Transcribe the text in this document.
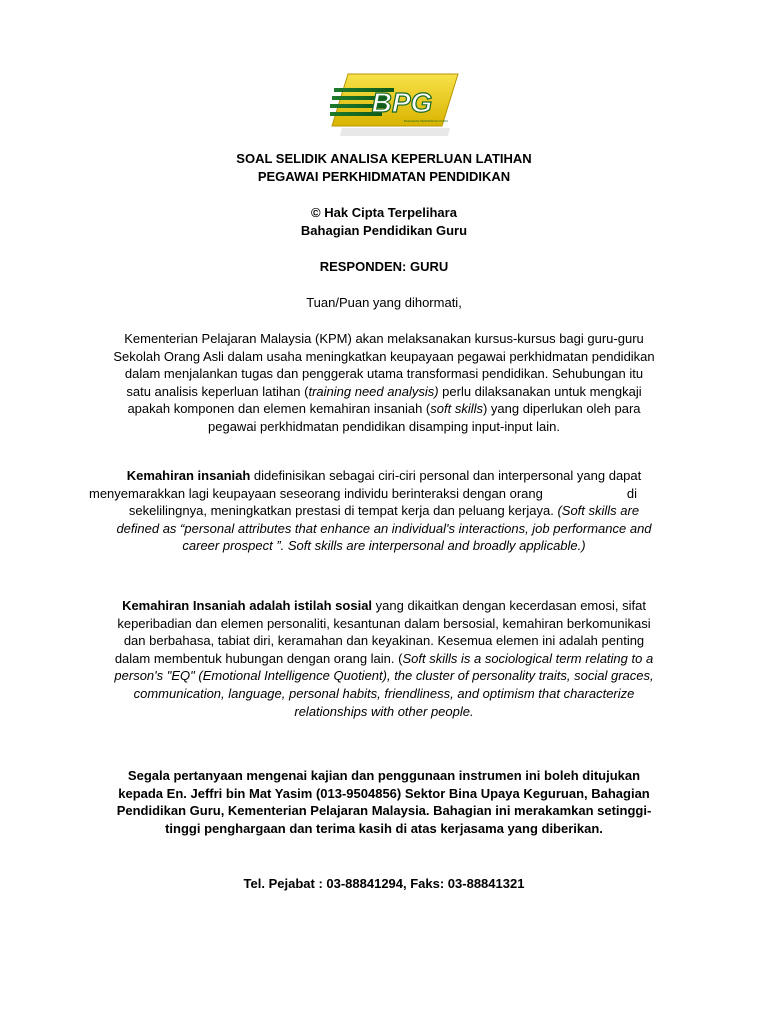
BPG
BAHAGIAN PENDIDIKAN GURU
SOAL SELIDIK ANALISA KEPERLUAN LATIHAN
PEGAWAI PERKHIDMATAN PENDIDIKAN
© Hak Cipta Terpelihara
Bahagian Pendidikan Guru
RESPONDEN: GURU
Tuan/Puan yang dihormati,
Kementerian Pelajaran Malaysia (KPM) akan melaksanakan kursus-kursus bagi guru-guru
Sekolah Orang Asli dalam usaha meningkatkan keupayaan pegawai perkhidmatan pendidikan
dalam menjalankan tugas dan penggerak utama transformasi pendidikan. Sehubungan itu
satu analisis keperluan latihan (training need analysis) perlu dilaksanakan untuk mengkaji
apakah komponen dan elemen kemahiran insaniah (soft skills) yang diperlukan oleh para
pegawai perkhidmatan pendidikan disamping input-input lain.
Kemahiran insaniah didefinisikan sebagai ciri-ciri personal dan interpersonal yang dapat
menyemarakkan lagi keupayaan seseorang individu berinteraksi dengan orang	di
sekelilingnya, meningkatkan prestasi di tempat kerja dan peluang kerjaya. (Soft skills are
defined as “personal attributes that enhance an individual's interactions, job performance and
career prospect ”. Soft skills are interpersonal and broadly applicable.)
Kemahiran Insaniah adalah istilah sosial yang dikaitkan dengan kecerdasan emosi, sifat
keperibadian dan elemen personaliti, kesantunan dalam bersosial, kemahiran berkomunikasi
dan berbahasa, tabiat diri, keramahan dan keyakinan. Kesemua elemen ini adalah penting
dalam membentuk hubungan dengan orang lain. (Soft skills is a sociological term relating to a
person's "EQ" (Emotional Intelligence Quotient), the cluster of personality traits, social graces,
communication, language, personal habits, friendliness, and optimism that characterize
relationships with other people.
Segala pertanyaan mengenai kajian dan penggunaan instrumen ini boleh ditujukan
kepada En. Jeffri bin Mat Yasim (013-9504856) Sektor Bina Upaya Keguruan, Bahagian
Pendidikan Guru, Kementerian Pelajaran Malaysia. Bahagian ini merakamkan setinggi-
tinggi penghargaan dan terima kasih di atas kerjasama yang diberikan.
Tel. Pejabat : 03-88841294, Faks: 03-88841321
